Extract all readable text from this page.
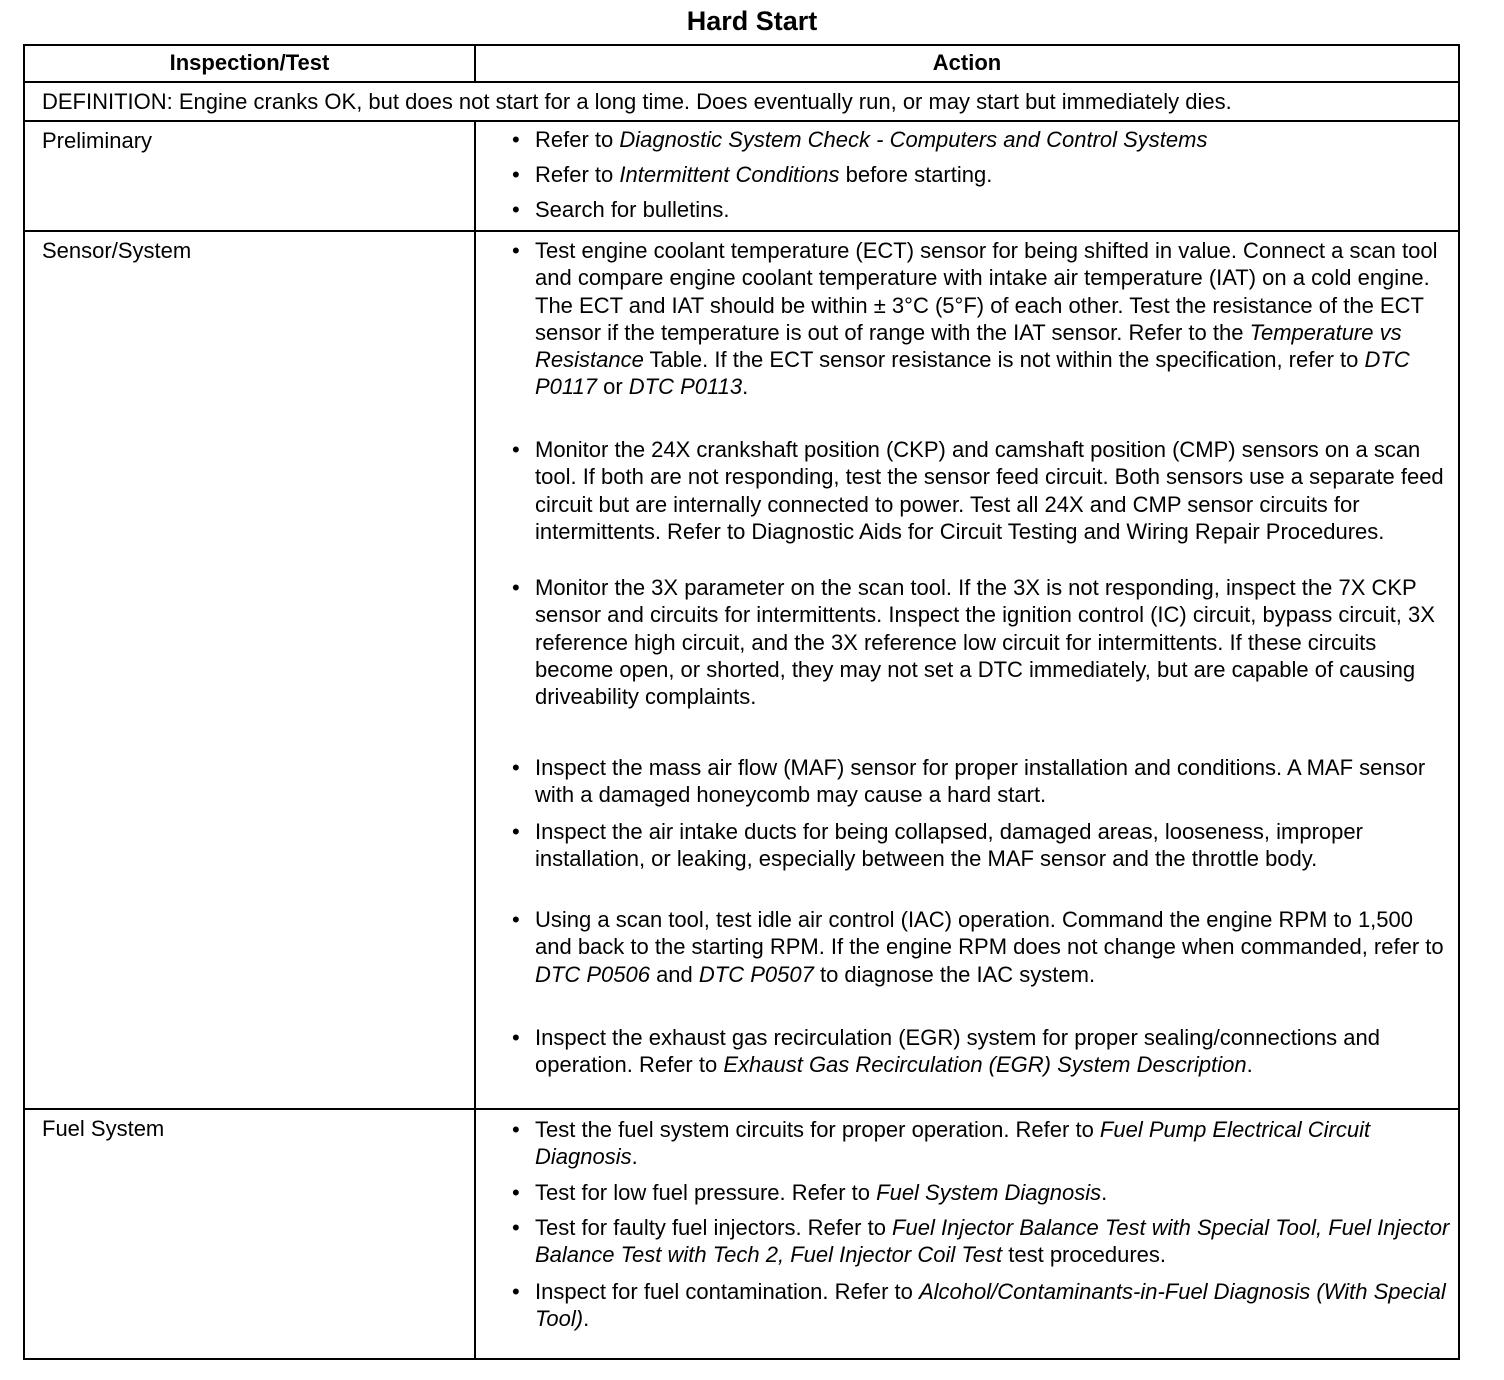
Hard Start
Inspection/Test	Action
DEFINITION: Engine cranks OK, but does not start for a long time. Does eventually run, or may start but immediately dies.
Preliminary	• Refer to Diagnostic System Check - Computers and Control Systems
• Refer to Intermittent Conditions before starting.
• Search for bulletins.
Sensor/System	• Test engine coolant temperature (ECT) sensor for being shifted in value. Connect a scan tool and compare engine coolant temperature with intake air temperature (IAT) on a cold engine. The ECT and IAT should be within ± 3°C (5°F) of each other. Test the resistance of the ECT sensor if the temperature is out of range with the IAT sensor. Refer to the Temperature vs Resistance Table. If the ECT sensor resistance is not within the specification, refer to DTC P0117 or DTC P0113.
• Monitor the 24X crankshaft position (CKP) and camshaft position (CMP) sensors on a scan tool. If both are not responding, test the sensor feed circuit. Both sensors use a separate feed circuit but are internally connected to power. Test all 24X and CMP sensor circuits for intermittents. Refer to Diagnostic Aids for Circuit Testing and Wiring Repair Procedures.
• Monitor the 3X parameter on the scan tool. If the 3X is not responding, inspect the 7X CKP sensor and circuits for intermittents. Inspect the ignition control (IC) circuit, bypass circuit, 3X reference high circuit, and the 3X reference low circuit for intermittents. If these circuits become open, or shorted, they may not set a DTC immediately, but are capable of causing driveability complaints.
• Inspect the mass air flow (MAF) sensor for proper installation and conditions. A MAF sensor with a damaged honeycomb may cause a hard start.
• Inspect the air intake ducts for being collapsed, damaged areas, looseness, improper installation, or leaking, especially between the MAF sensor and the throttle body.
• Using a scan tool, test idle air control (IAC) operation. Command the engine RPM to 1,500 and back to the starting RPM. If the engine RPM does not change when commanded, refer to DTC P0506 and DTC P0507 to diagnose the IAC system.
• Inspect the exhaust gas recirculation (EGR) system for proper sealing/connections and operation. Refer to Exhaust Gas Recirculation (EGR) System Description.
Fuel System	• Test the fuel system circuits for proper operation. Refer to Fuel Pump Electrical Circuit Diagnosis.
• Test for low fuel pressure. Refer to Fuel System Diagnosis.
• Test for faulty fuel injectors. Refer to Fuel Injector Balance Test with Special Tool, Fuel Injector Balance Test with Tech 2, Fuel Injector Coil Test test procedures.
• Inspect for fuel contamination. Refer to Alcohol/Contaminants-in-Fuel Diagnosis (With Special Tool).
